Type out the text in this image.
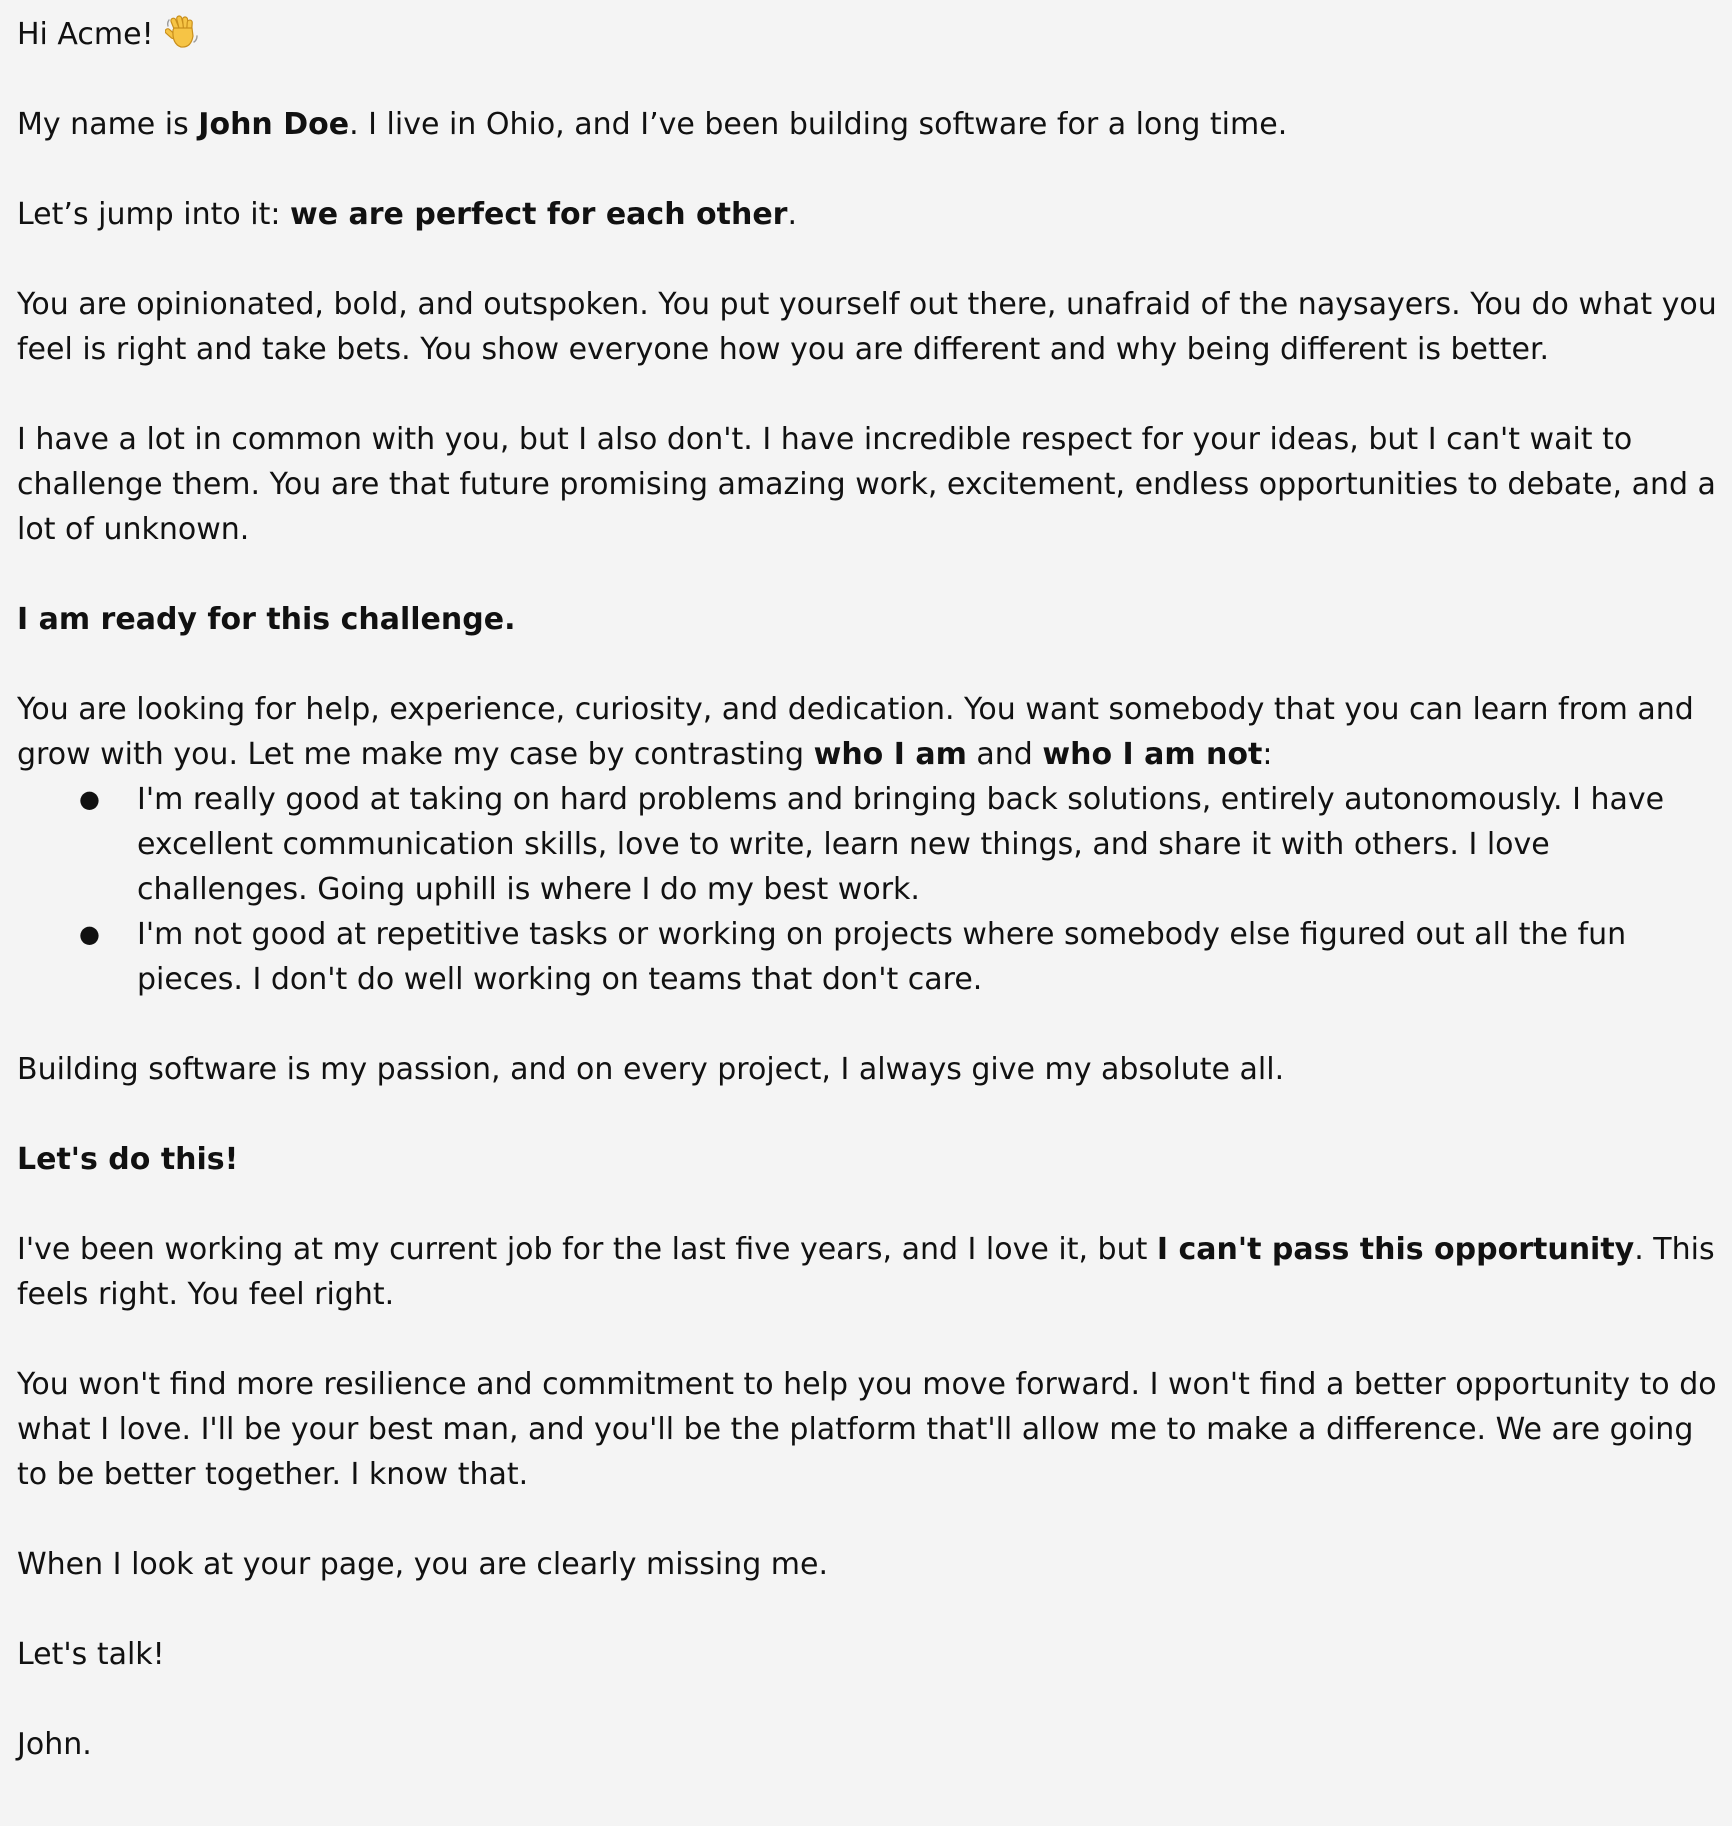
Hi Acme!

My name is John Doe. I live in Ohio, and I’ve been building software for a long time.

Let’s jump into it: we are perfect for each other.

You are opinionated, bold, and outspoken. You put yourself out there, unafraid of the naysayers. You do what you feel is right and take bets. You show everyone how you are different and why being different is better.

I have a lot in common with you, but I also don't. I have incredible respect for your ideas, but I can't wait to challenge them. You are that future promising amazing work, excitement, endless opportunities to debate, and a lot of unknown.

I am ready for this challenge.

You are looking for help, experience, curiosity, and dedication. You want somebody that you can learn from and grow with you. Let me make my case by contrasting who I am and who I am not:

● I'm really good at taking on hard problems and bringing back solutions, entirely autonomously. I have excellent communication skills, love to write, learn new things, and share it with others. I love challenges. Going uphill is where I do my best work.
● I'm not good at repetitive tasks or working on projects where somebody else figured out all the fun pieces. I don't do well working on teams that don't care.

Building software is my passion, and on every project, I always give my absolute all.

Let's do this!

I've been working at my current job for the last five years, and I love it, but I can't pass this opportunity. This feels right. You feel right.

You won't find more resilience and commitment to help you move forward. I won't find a better opportunity to do what I love. I'll be your best man, and you'll be the platform that'll allow me to make a difference. We are going to be better together. I know that.

When I look at your page, you are clearly missing me.

Let's talk!

John.
